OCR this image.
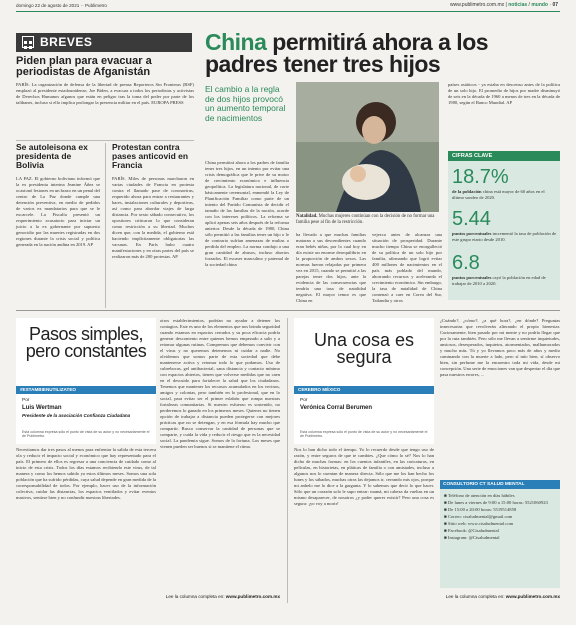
domingo 22 de agosto de 2021 ·· Publimetro	www.publimetro.com.mx | noticias / mundo · 07
BREVES
Piden plan para evacuar a periodistas de Afganistán
PARÍS. La organización de defensa de la libertad de prensa Reporteros Sin Fronteras (RSF) emplazó al presidente estadounidense, Joe Biden, a evacuar a todos los periodistas y activistas de Derechos Humanos afganos que están en peligro tras la toma del poder por parte de los talibanes, incluso si ello implica prolongar la presencia militar en el país. EUROPA PRESS
Se autoleisona ex presidenta de Bolivia
LA PAZ. El gobierno boliviano informó que la ex presidenta interina Jeanine Áñez se ocasionó lesiones en un brazo en un penal del centro de La Paz donde cumple una detención preventiva, en medio de pedidos de varios ex mandatarios para que se le excarcele. La Fiscalía presentó un requerimiento acusatorio para iniciar un juicio a la ex gobernante por supuesto genocidio por las muertes registradas en dos regiones durante la crisis social y política generada en la nación andina en 2019. AP
Protestan contra pases anticovid en Francia
PARÍS. Miles de personas marcharon en varias ciudades de Francia en protesta contra el llamado pase de coronavirus, requerido ahora para entrar a restaurantes y bares, instalaciones culturales y deportivas, así como para abordar viajes de larga distancia. Por sexto sábado consecutivo, los opositores criticaron lo que consideran como restricción a su libertad. Muchos dicen que, con la medida, el gobierno está haciendo implícitamente obligatorias las vacunas. En París hubo cuatro manifestaciones y en otras partes del país se realizaron más de 200 protestas. AP
China permitirá ahora a los padres tener tres hijos
El cambio a la regla de dos hijos provocó un aumento temporal de nacimientos
China permitirá ahora a los padres de familia tener tres hijos, en un intento por evitar una crisis demográfica que le prive de su motor de crecimiento económico e influencia geopolítica. La legislatura nacional, de corte básicamente ceremonial, enmendó la Ley de Planificación Familiar como parte de un intento del Partido Comunista de decidir el tamaño de las familias de la nación, acorde con los intereses políticos. La reforma se aplicó apenas seis años después de la reforma anterior. Desde la década de 1980, China sólo permitió a las familias tener un hijo o le de contrario sufrían amenazas de multas o perdida del empleo. La norma condujo a una gran cantidad de abusos, incluso abortos forzados. El escaser masculino y paternal de la sociedad china
Natalidad. Muchas mujeres continúan con la decisión de no formar una familia pese al fin de la restricción.
ha llevado a que muchas familias mataran a sus descendientes cuando eran bebés niñas, por lo cual hoy en día existe un enorme desequilibrio en la proporción de ambos sexos. Las normas fueron relajadas por primera vez en 2015, cuando se permitió a las parejas tener dos hijos, ante la evidencia de las consecuencias que tendría una tasa de natalidad negativa. El mayor temor es que China en
vejezca antes de alcanzar una situación de prosperidad. Durante mucho tiempo China se enorgulleció de su política de un solo hijo por familia, afirmando que logró evitar 400 millones de nacimientos en el país más poblado del mundo, ahorrando recursos y acelerando el crecimiento económico. Sin embargo, la tasa de natalidad de China comenzó a caer en Corea del Sur, Tailandia y otros
países asiáticos - ya estaba en descenso antes de la política de un solo hijo. El promedio de hijos por madre disminuyó de seis en la década de 1960 a menos de tres en la década de 1980, según el Banco Mundial. AP
CIFRAS CLAVE
18.7%
de la población china está mayor de 60 años en el último sondeo de 2020.
5.44
puntos porcentuales incrementó la tasa de población de este grupo etario desde 2010.
6.8
puntos porcentuales cayó la población en edad de trabajar de 2010 a 2020.
Pasos simples, pero constantes
#ESTAMBIENUTILIZATEO
Por
Luis Wertman
Presidente de la asociación Confianza Ciudadana
Esta columna expresa sólo el punto de vista de su autor y no necesariamente el de Publimetro.
Necesitamos dar tres pasos al menos para enfrentar la salida de esta tercera ola y reducir el impacto social y económico que hay representado para el país. El primero de ellos es regresar a una conciencia de cuidado como al inicio de esta crisis. Todos los días estamos recibiendo este virus, de tal manera y como los hemos sabido ya estos últimos meses. Somos una sola población que ha sufrido pérdidas, cuya salud depende en gran medida de la corresponsabilidad de todos. Por ejemplo, hacer uso de la información colectiva, cuidar las distancias, los espacios ventilados y evitar eventos masivos, sentirse bien y no confundir nuestras libertades.
otros establecimientos, podrían no ayudar a detener los contagios. Este es uno de los elementos que nos brinda seguridad cuando estamos en espacios cerrados y su poca eficacia podría generar descontento entre quienes hemos empezado a salir y a retomar algunas rutinas. Compremos que debemos convivir con el virus y no queremos detenernos ni cuidar a nadie. No olvidemos que somos parte de esta sociedad que debe mantenerse activa y retomar todo lo que podamos. Uso de cubrebocas, gel antibacterial, sana distancia y contacto mínimo con espacios abiertos, tienen que volverse medidas que no caen en el descuido para fortalecer la salud que los ciudadanos. Tenemos que mantener los recursos acumulados en los vecinos, amigos y colonias, pero también en lo profesional, que en lo social, para evitar ser el primer eslabón que rompa nuestras fortalezas comunitarias. Si nuestro esfuerzo es sostenido, no perderemos lo ganado en los primeros meses. Quienes no tienen opción de trabajar a distancia pueden protegerse con mejores prácticas que no se detengan, y en esa fórmula hay mucho que compartir. Busca conservar la cantidad de personas que se comparte, y cuida la vida y reducir el riesgo que es la necesidad social. La pandemia sigue. Somos de la fortuna. Los meses que vienen pueden ser buenos si se mantiene el ritmo.
Lee la columna completa en: www.publimetro.com.mx
Una cosa es segura
CEREBRO MÉXICO
Por
Verónica Corral Berumen
Esta columna expresa sólo el punto de vista de su autor y no necesariamente el de Publimetro.
Nos lo han dicho todo el tiempo. Yo lo recuerdo desde que tengo uso de razón, y entre seguros de que te cambies. ¿Que cómo lo sé? Nos lo han dicho de muchas formas: en los cuentos infantiles, en las caricaturas, en películas, en historietas, en pláticas de familia o con amistades, incluso a algunos nos lo cuentan de manera directa. Sólo que me los han hecho los lunes y los sábados, muchas otras las dejamos ir, cerrando mis ojos, porque mi anhelo me lo dice a la garganta. Y lo sabemos que decir lo que hacer. Sólo que un corazón solo le supo entrar: mamá, mi cabeza da vueltas en un mismo desaparecer, de nosotros ¿y poder querer existir? Pero una cosa es segura: ¡yo voy a morir!
¿Cuándo?, ¿cómo?, ¿a qué hora?, ¿en dónde? Preguntas innecesarias que revolverán alterando el propio bienestar. Curiosamente, bien pasado por mi mente y no podría llegar que por la ruta también. Pero sólo me llevan a sentirme inquietudes, ansiosos, desesperados, inquietos, atormentados, malhumorados y mucho más. Tú y yo llevamos poco más de años y medio caminando con la muerte a lado, pero sí mío bien, sí observo bien, sin perfume me la encuentro toda mi vida, desde mi concepción. Una serie de emociones van que despertar el día que pasa nuestros errores, ...
CONSULTORIO CT SALUD MENTAL
■ Teléfono de atención en días hábiles
■ De lunes a viernes de 9:00 a 15:00 horas: 5521060923
■ De 15:00 a 20:00 horas: 5519514858
■ Correo: ctsaludmental@gmail.com
■ Sitio web: www.ctsaludmental.com
■ Facebook: @Ctsaludmental
■ Instagram: @Ctsaludmental
Lee la columna completa en: www.publimetro.com.mx
